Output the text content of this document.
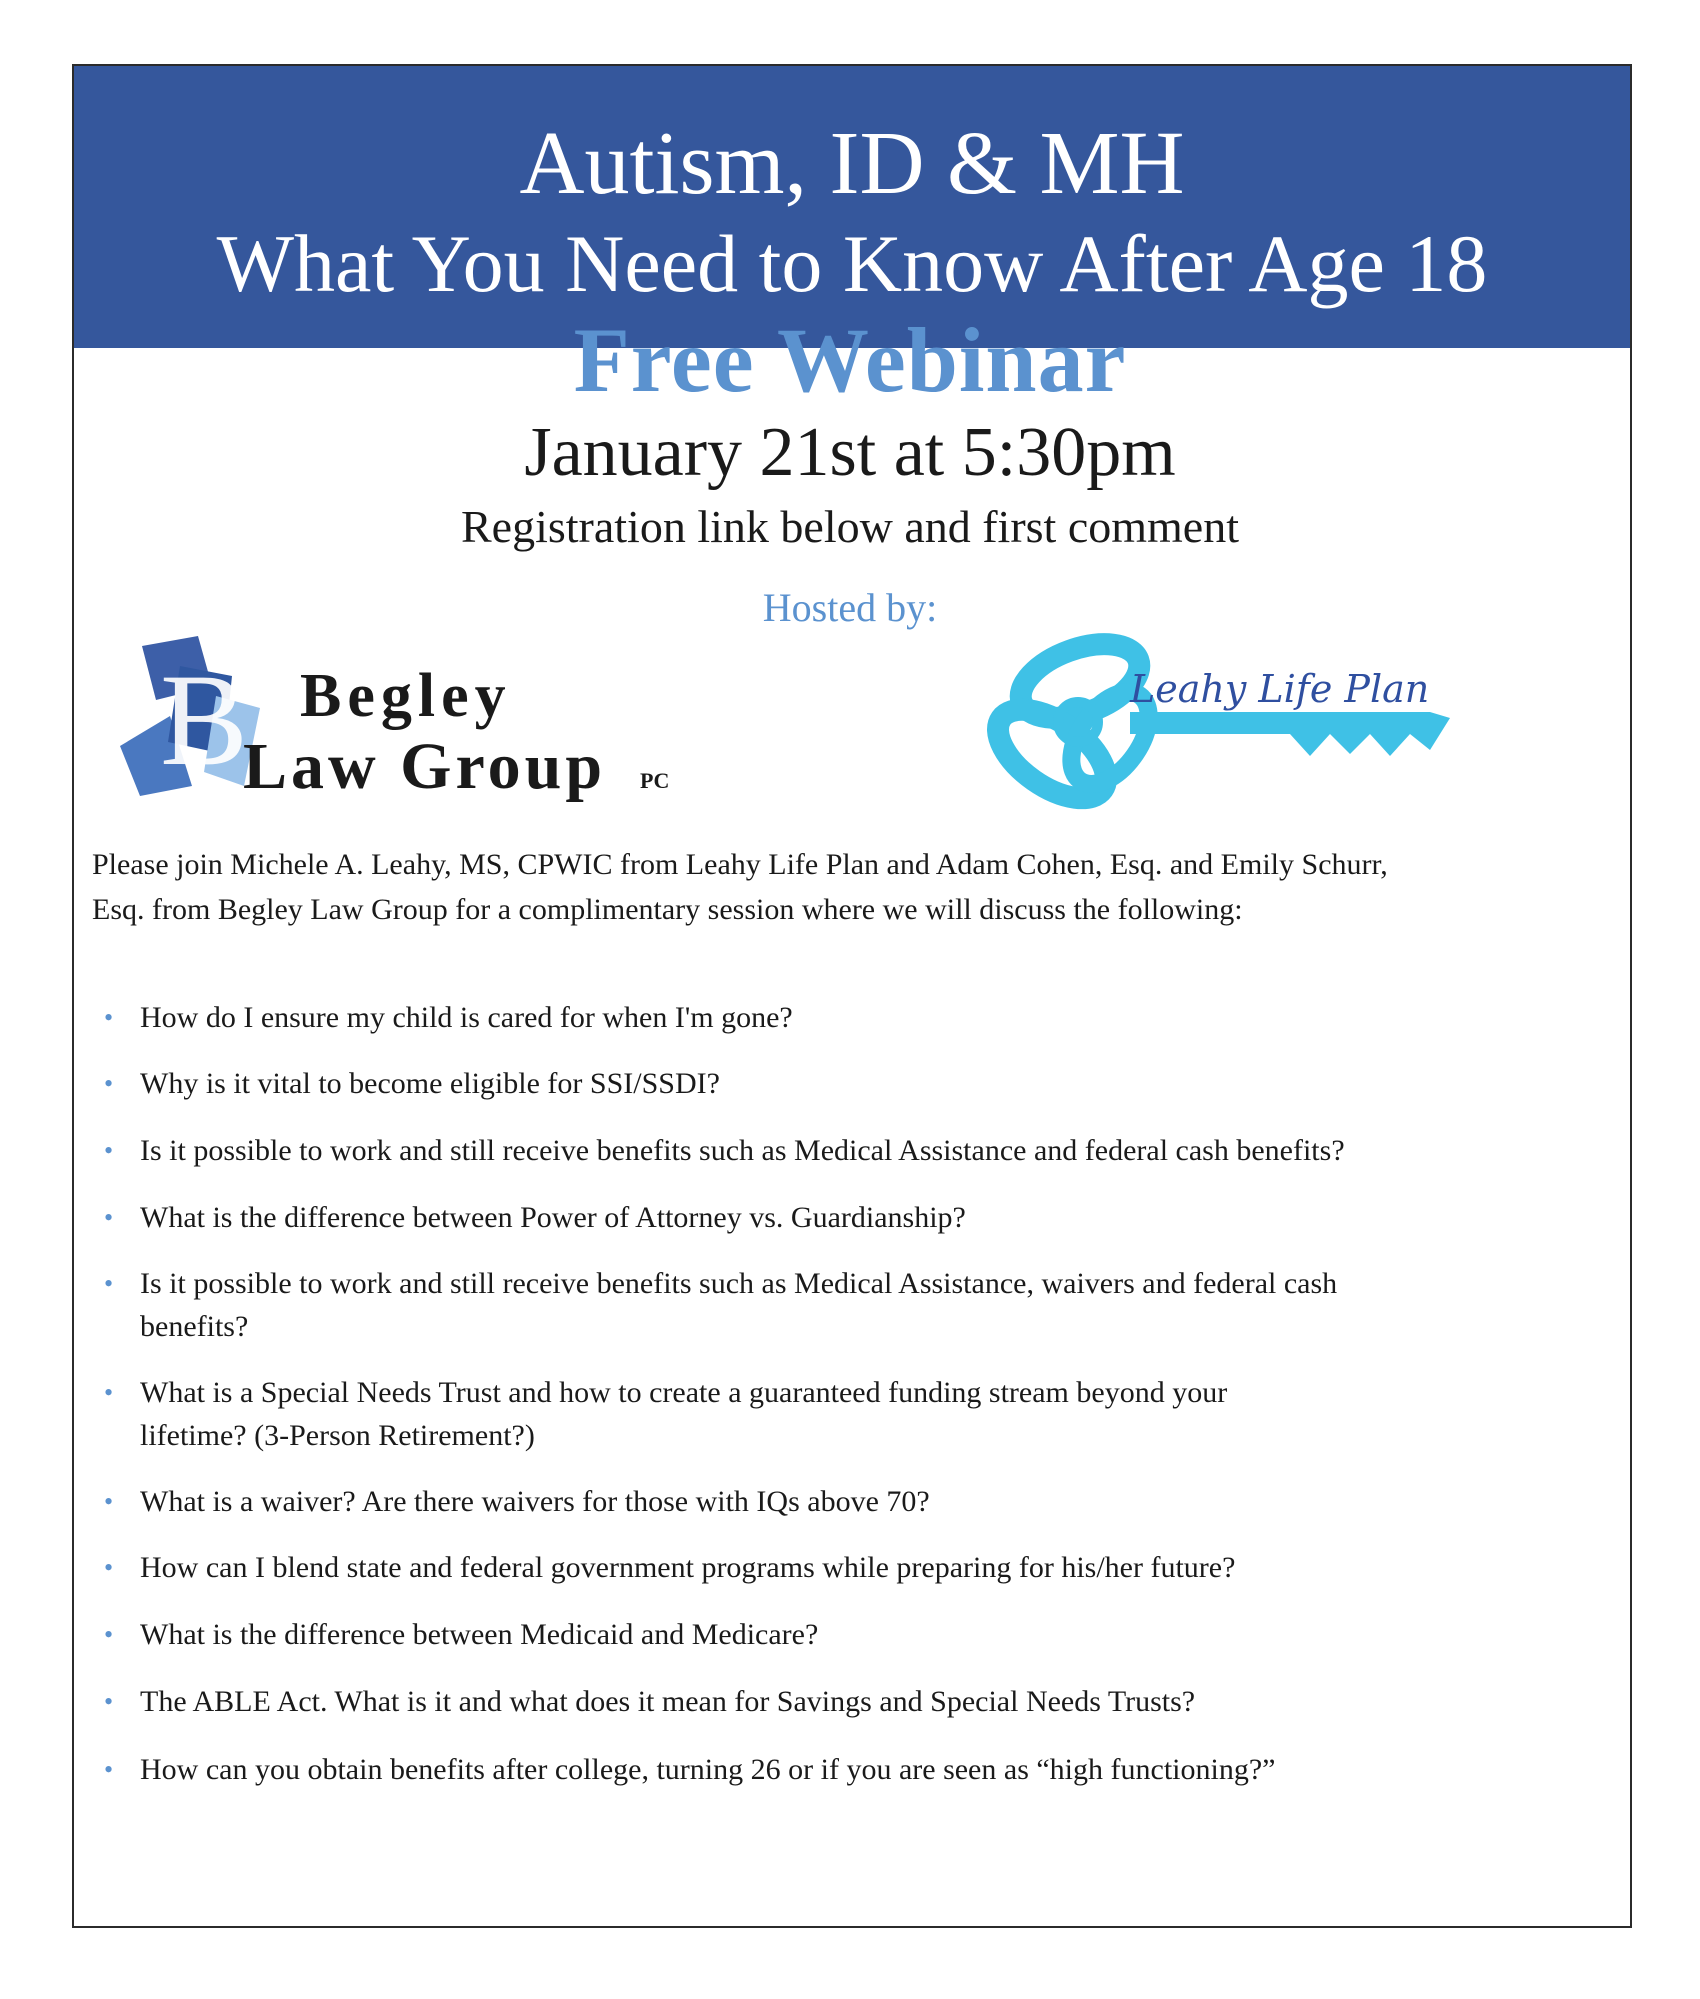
Autism, ID & MH
What You Need to Know After Age 18
Free Webinar
January 21st at 5:30pm
Registration link below and first comment
Hosted by:
B Begley
Law Group PC
Leahy Life Plan
Please join Michele A. Leahy, MS, CPWIC from Leahy Life Plan and Adam Cohen, Esq. and Emily Schurr, Esq. from Begley Law Group for a complimentary session where we will discuss the following:
• How do I ensure my child is cared for when I'm gone?
• Why is it vital to become eligible for SSI/SSDI?
• Is it possible to work and still receive benefits such as Medical Assistance and federal cash benefits?
• What is the difference between Power of Attorney vs. Guardianship?
• Is it possible to work and still receive benefits such as Medical Assistance, waivers and federal cash benefits?
• What is a Special Needs Trust and how to create a guaranteed funding stream beyond your lifetime? (3-Person Retirement?)
• What is a waiver? Are there waivers for those with IQs above 70?
• How can I blend state and federal government programs while preparing for his/her future?
• What is the difference between Medicaid and Medicare?
• The ABLE Act. What is it and what does it mean for Savings and Special Needs Trusts?
• How can you obtain benefits after college, turning 26 or if you are seen as “high functioning?”
